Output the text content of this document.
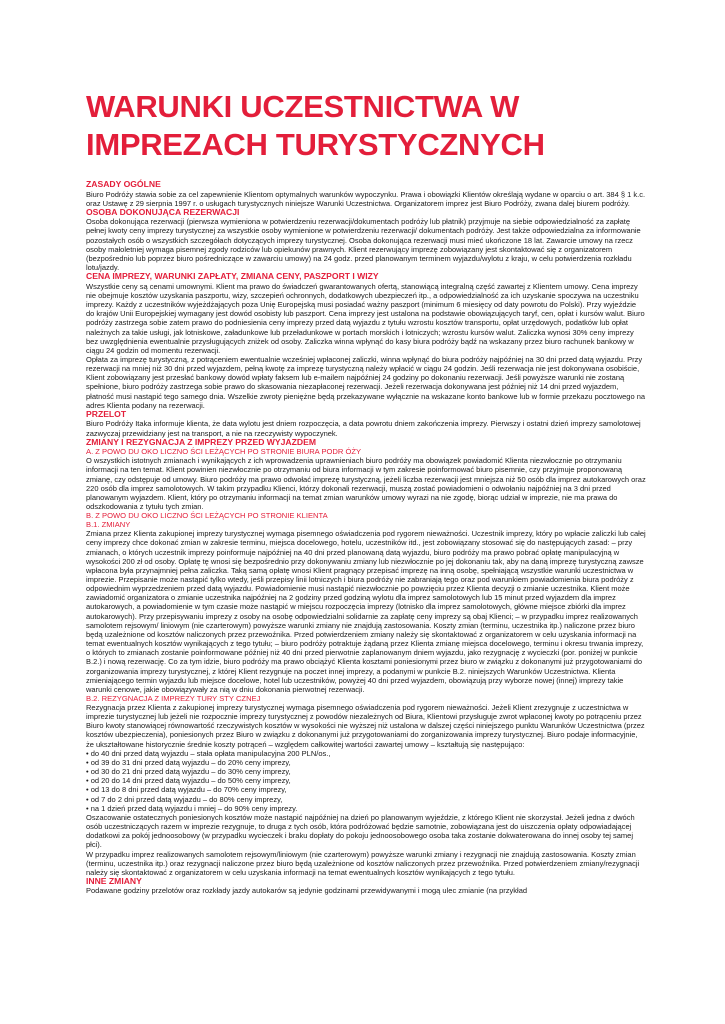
WARUNKI UCZESTNICTWA W
IMPREZACH TURYSTYCZNYCH
ZASADY OGÓLNE

Biuro Podróży stawia sobie za cel zapewnienie Klientom optymalnych warunków wypoczynku. Prawa i obowiązki Klientów określają wydane w oparciu o art. 384 § 1 k.c. oraz Ustawę z 29 sierpnia 1997 r. o usługach turystycznych niniejsze Warunki Uczestnictwa. Organizatorem imprez jest Biuro Podróży, zwana dalej biurem podróży.

OSOBA DOKONUJĄCA REZERWACJI

Osoba dokonująca rezerwacji (pierwsza wymieniona w potwierdzeniu rezerwacji/dokumentach podróży lub płatnik) przyjmuje na siebie odpowiedzialność za zapłatę pełnej kwoty ceny imprezy turystycznej za wszystkie osoby wymienione w potwierdzeniu rezerwacji/ dokumentach podróży. Jest także odpowiedzialna za informowanie pozostałych osób o wszystkich szczegółach dotyczących imprezy turystycznej. Osoba dokonująca rezerwacji musi mieć ukończone 18 lat. Zawarcie umowy na rzecz osoby małoletniej wymaga pisemnej zgody rodziców lub opiekunów prawnych. Klient rezerwujący imprezę zobowiązany jest skontaktować się z organizatorem (bezpośrednio lub poprzez biuro pośredniczące w zawarciu umowy) na 24 godz. przed planowanym terminem wyjazdu/wylotu z kraju, w celu potwierdzenia rozkładu lotu/jazdy.

CENA IMPREZY, WARUNKI ZAPŁATY, ZMIANA CENY, PASZPORT I WIZY

Wszystkie ceny są cenami umownymi. Klient ma prawo do świadczeń gwarantowanych ofertą, stanowiącą integralną część zawartej z Klientem umowy. Cena imprezy nie obejmuje kosztów uzyskania paszportu, wizy, szczepień ochronnych, dodatkowych ubezpieczeń itp., a odpowiedzialność za ich uzyskanie spoczywa na uczestniku imprezy. Każdy z uczestników wyjeżdżających poza Unię Europejską musi posiadać ważny paszport (minimum 6 miesięcy od daty powrotu do Polski). Przy wyjeździe do krajów Unii Europejskiej wymagany jest dowód osobisty lub paszport. Cena imprezy jest ustalona na podstawie obowiązujących taryf, cen, opłat i kursów walut. Biuro podróży zastrzega sobie zatem prawo do podniesienia ceny imprezy przed datą wyjazdu z tytułu wzrostu kosztów transportu, opłat urzędowych, podatków lub opłat należnych za takie usługi, jak lotniskowe, załadunkowe lub przeładunkowe w portach morskich i lotniczych; wzrostu kursów walut. Zaliczka wynosi 30% ceny imprezy bez uwzględnienia ewentualnie przysługujących zniżek od osoby. Zaliczka winna wpłynąć do kasy biura podróży bądź na wskazany przez biuro rachunek bankowy w ciągu 24 godzin od momentu rezerwacji.

Opłata za imprezę turystyczną, z potrąceniem ewentualnie wcześniej wpłaconej zaliczki, winna wpłynąć do biura podróży najpóźniej na 30 dni przed datą wyjazdu. Przy rezerwacji na mniej niż 30 dni przed wyjazdem, pełną kwotę za imprezę turystyczną należy wpłacić w ciągu 24 godzin. Jeśli rezerwacja nie jest dokonywana osobiście, Klient zobowiązany jest przesłać bankowy dowód wpłaty faksem lub e-mailem najpóźniej 24 godziny po dokonaniu rezerwacji. Jeśli powyższe warunki nie zostaną spełnione, biuro podróży zastrzega sobie prawo do skasowania niezapłaconej rezerwacji. Jeżeli rezerwacja dokonywana jest później niż 14 dni przed wyjazdem, płatność musi nastąpić tego samego dnia. Wszelkie zwroty pieniężne będą przekazywane wyłącznie na wskazane konto bankowe lub w formie przekazu pocztowego na adres Klienta podany na rezerwacji.

PRZELOT

Biuro Podróży Itaka informuje klienta, że data wylotu jest dniem rozpoczęcia, a data powrotu dniem zakończenia imprezy. Pierwszy i ostatni dzień imprezy samolotowej zazwyczaj przewidziany jest na transport, a nie na rzeczywisty wypoczynek.

ZMIANY I REZYGNACJA Z IMPREZY PRZED WYJAZDEM

A. Z POWO DU OKO LICZNO ŚCI LEŻĄCYCH PO STRONIE BIURA PODR ÓŻY

O wszystkich istotnych zmianach i wynikających z ich wprowadzenia uprawnieniach biuro podróży ma obowiązek powiadomić Klienta niezwłocznie po otrzymaniu informacji na ten temat. Klient powinien niezwłocznie po otrzymaniu od biura informacji w tym zakresie poinformować biuro pisemnie, czy przyjmuje proponowaną zmianę, czy odstępuje od umowy. Biuro podróży ma prawo odwołać imprezę turystyczną, jeżeli liczba rezerwacji jest mniejsza niż 50 osób dla imprez autokarowych oraz 220 osób dla imprez samolotowych. W takim przypadku Klienci, którzy dokonali rezerwacji, muszą zostać powiadomieni o odwołaniu najpóźniej na 3 dni przed planowanym wyjazdem. Klient, który po otrzymaniu informacji na temat zmian warunków umowy wyrazi na nie zgodę, biorąc udział w imprezie, nie ma prawa do odszkodowania z tytułu tych zmian.

B. Z POWO DU OKO LICZNO ŚCI LEŻĄCYCH PO STRONIE KLIENTA

B.1. ZMIANY

Zmiana przez Klienta zakupionej imprezy turystycznej wymaga pisemnego oświadczenia pod rygorem nieważności. Uczestnik imprezy, który po wpłacie zaliczki lub całej ceny imprezy chce dokonać zmian w zakresie terminu, miejsca docelowego, hotelu, uczestników itd., jest zobowiązany stosować się do następujących zasad: – przy zmianach, o których uczestnik imprezy poinformuje najpóźniej na 40 dni przed planowaną datą wyjazdu, biuro podróży ma prawo pobrać opłatę manipulacyjną w wysokości 200 zł od osoby. Opłatę tę wnosi się bezpośrednio przy dokonywaniu zmiany lub niezwłocznie po jej dokonaniu tak, aby na daną imprezę turystyczną zawsze wpłacona była przynajmniej pełna zaliczka. Taką samą opłatę wnosi Klient pragnący przepisać imprezę na inną osobę, spełniającą wszystkie warunki uczestnictwa w imprezie. Przepisanie może nastąpić tylko wtedy, jeśli przepisy linii lotniczych i biura podróży nie zabraniają tego oraz pod warunkiem powiadomienia biura podróży z odpowiednim wyprzedzeniem przed datą wyjazdu. Powiadomienie musi nastąpić niezwłocznie po powzięciu przez Klienta decyzji o zmianie uczestnika. Klient może zawiadomić organizatora o zmianie uczestnika najpóźniej na 2 godziny przed godziną wylotu dla imprez samolotowych lub 15 minut przed wyjazdem dla imprez autokarowych, a powiadomienie w tym czasie może nastąpić w miejscu rozpoczęcia imprezy (lotnisko dla imprez samolotowych, główne miejsce zbiórki dla imprez autokarowych). Przy przepisywaniu imprezy z osoby na osobę odpowiedzialni solidarnie za zapłatę ceny imprezy są obaj Klienci; – w przypadku imprez realizowanych samolotem rejsowym/ liniowym (nie czarterowym) powyższe warunki zmiany nie znajdują zastosowania. Koszty zmian (terminu, uczestnika itp.) naliczone przez biuro będą uzależnione od kosztów naliczonych przez przewoźnika. Przed potwierdzeniem zmiany należy się skontaktować z organizatorem w celu uzyskania informacji na temat ewentualnych kosztów wynikających z tego tytułu; – biuro podróży potraktuje żądaną przez Klienta zmianę miejsca docelowego, terminu i okresu trwania imprezy, o których to zmianach zostanie poinformowane później niż 40 dni przed pierwotnie zaplanowanym dniem wyjazdu, jako rezygnację z wycieczki (por. poniżej w punkcie B.2.) i nową rezerwację. Co za tym idzie, biuro podróży ma prawo obciążyć Klienta kosztami poniesionymi przez biuro w związku z dokonanymi już przygotowaniami do zorganizowania imprezy turystycznej, z której Klient rezygnuje na poczet innej imprezy, a podanymi w punkcie B.2. niniejszych Warunków Uczestnictwa. Klienta zmieniającego termin wyjazdu lub miejsce docelowe, hotel lub uczestników, powyżej 40 dni przed wyjazdem, obowiązują przy wyborze nowej (innej) imprezy takie warunki cenowe, jakie obowiązywały za nią w dniu dokonania pierwotnej rezerwacji.

B.2. REZYGNACJA Z IMPREZY TURY STY CZNEJ

Rezygnacja przez Klienta z zakupionej imprezy turystycznej wymaga pisemnego oświadczenia pod rygorem nieważności. Jeżeli Klient zrezygnuje z uczestnictwa w imprezie turystycznej lub jeżeli nie rozpocznie imprezy turystycznej z powodów niezależnych od Biura, Klientowi przysługuje zwrot wpłaconej kwoty po potrąceniu przez Biuro kwoty stanowiącej równowartość rzeczywistych kosztów w wysokości nie wyższej niż ustalona w dalszej części niniejszego punktu Warunków Uczestnictwa (przez kosztów ubezpieczenia), poniesionych przez Biuro w związku z dokonanymi już przygotowaniami do zorganizowania imprezy turystycznej. Biuro podaje informacyjnie, że ukształtowane historycznie średnie koszty potrąceń – względem całkowitej wartości zawartej umowy – kształtują się następująco:

• do 40 dni przed datą wyjazdu – stała opłata manipulacyjna 200 PLN/os.,

• od 39 do 31 dni przed datą wyjazdu – do 20% ceny imprezy,

• od 30 do 21 dni przed datą wyjazdu – do 30% ceny imprezy,

• od 20 do 14 dni przed datą wyjazdu – do 50% ceny imprezy,

• od 13 do 8 dni przed datą wyjazdu – do 70% ceny imprezy,

• od 7 do 2 dni przed datą wyjazdu – do 80% ceny imprezy,

• na 1 dzień przed datą wyjazdu i mniej – do 90% ceny imprezy.

Oszacowanie ostatecznych poniesionych kosztów może nastąpić najpóźniej na dzień po planowanym wyjeździe, z którego Klient nie skorzystał. Jeżeli jedna z dwóch osób uczestniczących razem w imprezie rezygnuje, to druga z tych osób, która podróżować będzie samotnie, zobowiązana jest do uiszczenia opłaty odpowiadającej dodatkowi za pokój jednoosobowy (w przypadku wycieczek i braku dopłaty do pokoju jednoosobowego osoba taka zostanie dokwaterowana do innej osoby tej samej płci).

W przypadku imprez realizowanych samolotem rejsowym/liniowym (nie czarterowym) powyższe warunki zmiany i rezygnacji nie znajdują zastosowania. Koszty zmian (terminu, uczestnika itp.) oraz rezygnacji naliczone przez biuro będą uzależnione od kosztów naliczonych przez przewoźnika. Przed potwierdzeniem zmiany/rezygnacji należy się skontaktować z organizatorem w celu uzyskania informacji na temat ewentualnych kosztów wynikających z tego tytułu.

INNE ZMIANY

Podawane godziny przelotów oraz rozkłady jazdy autokarów są jedynie godzinami przewidywanymi i mogą ulec zmianie (na przykład
